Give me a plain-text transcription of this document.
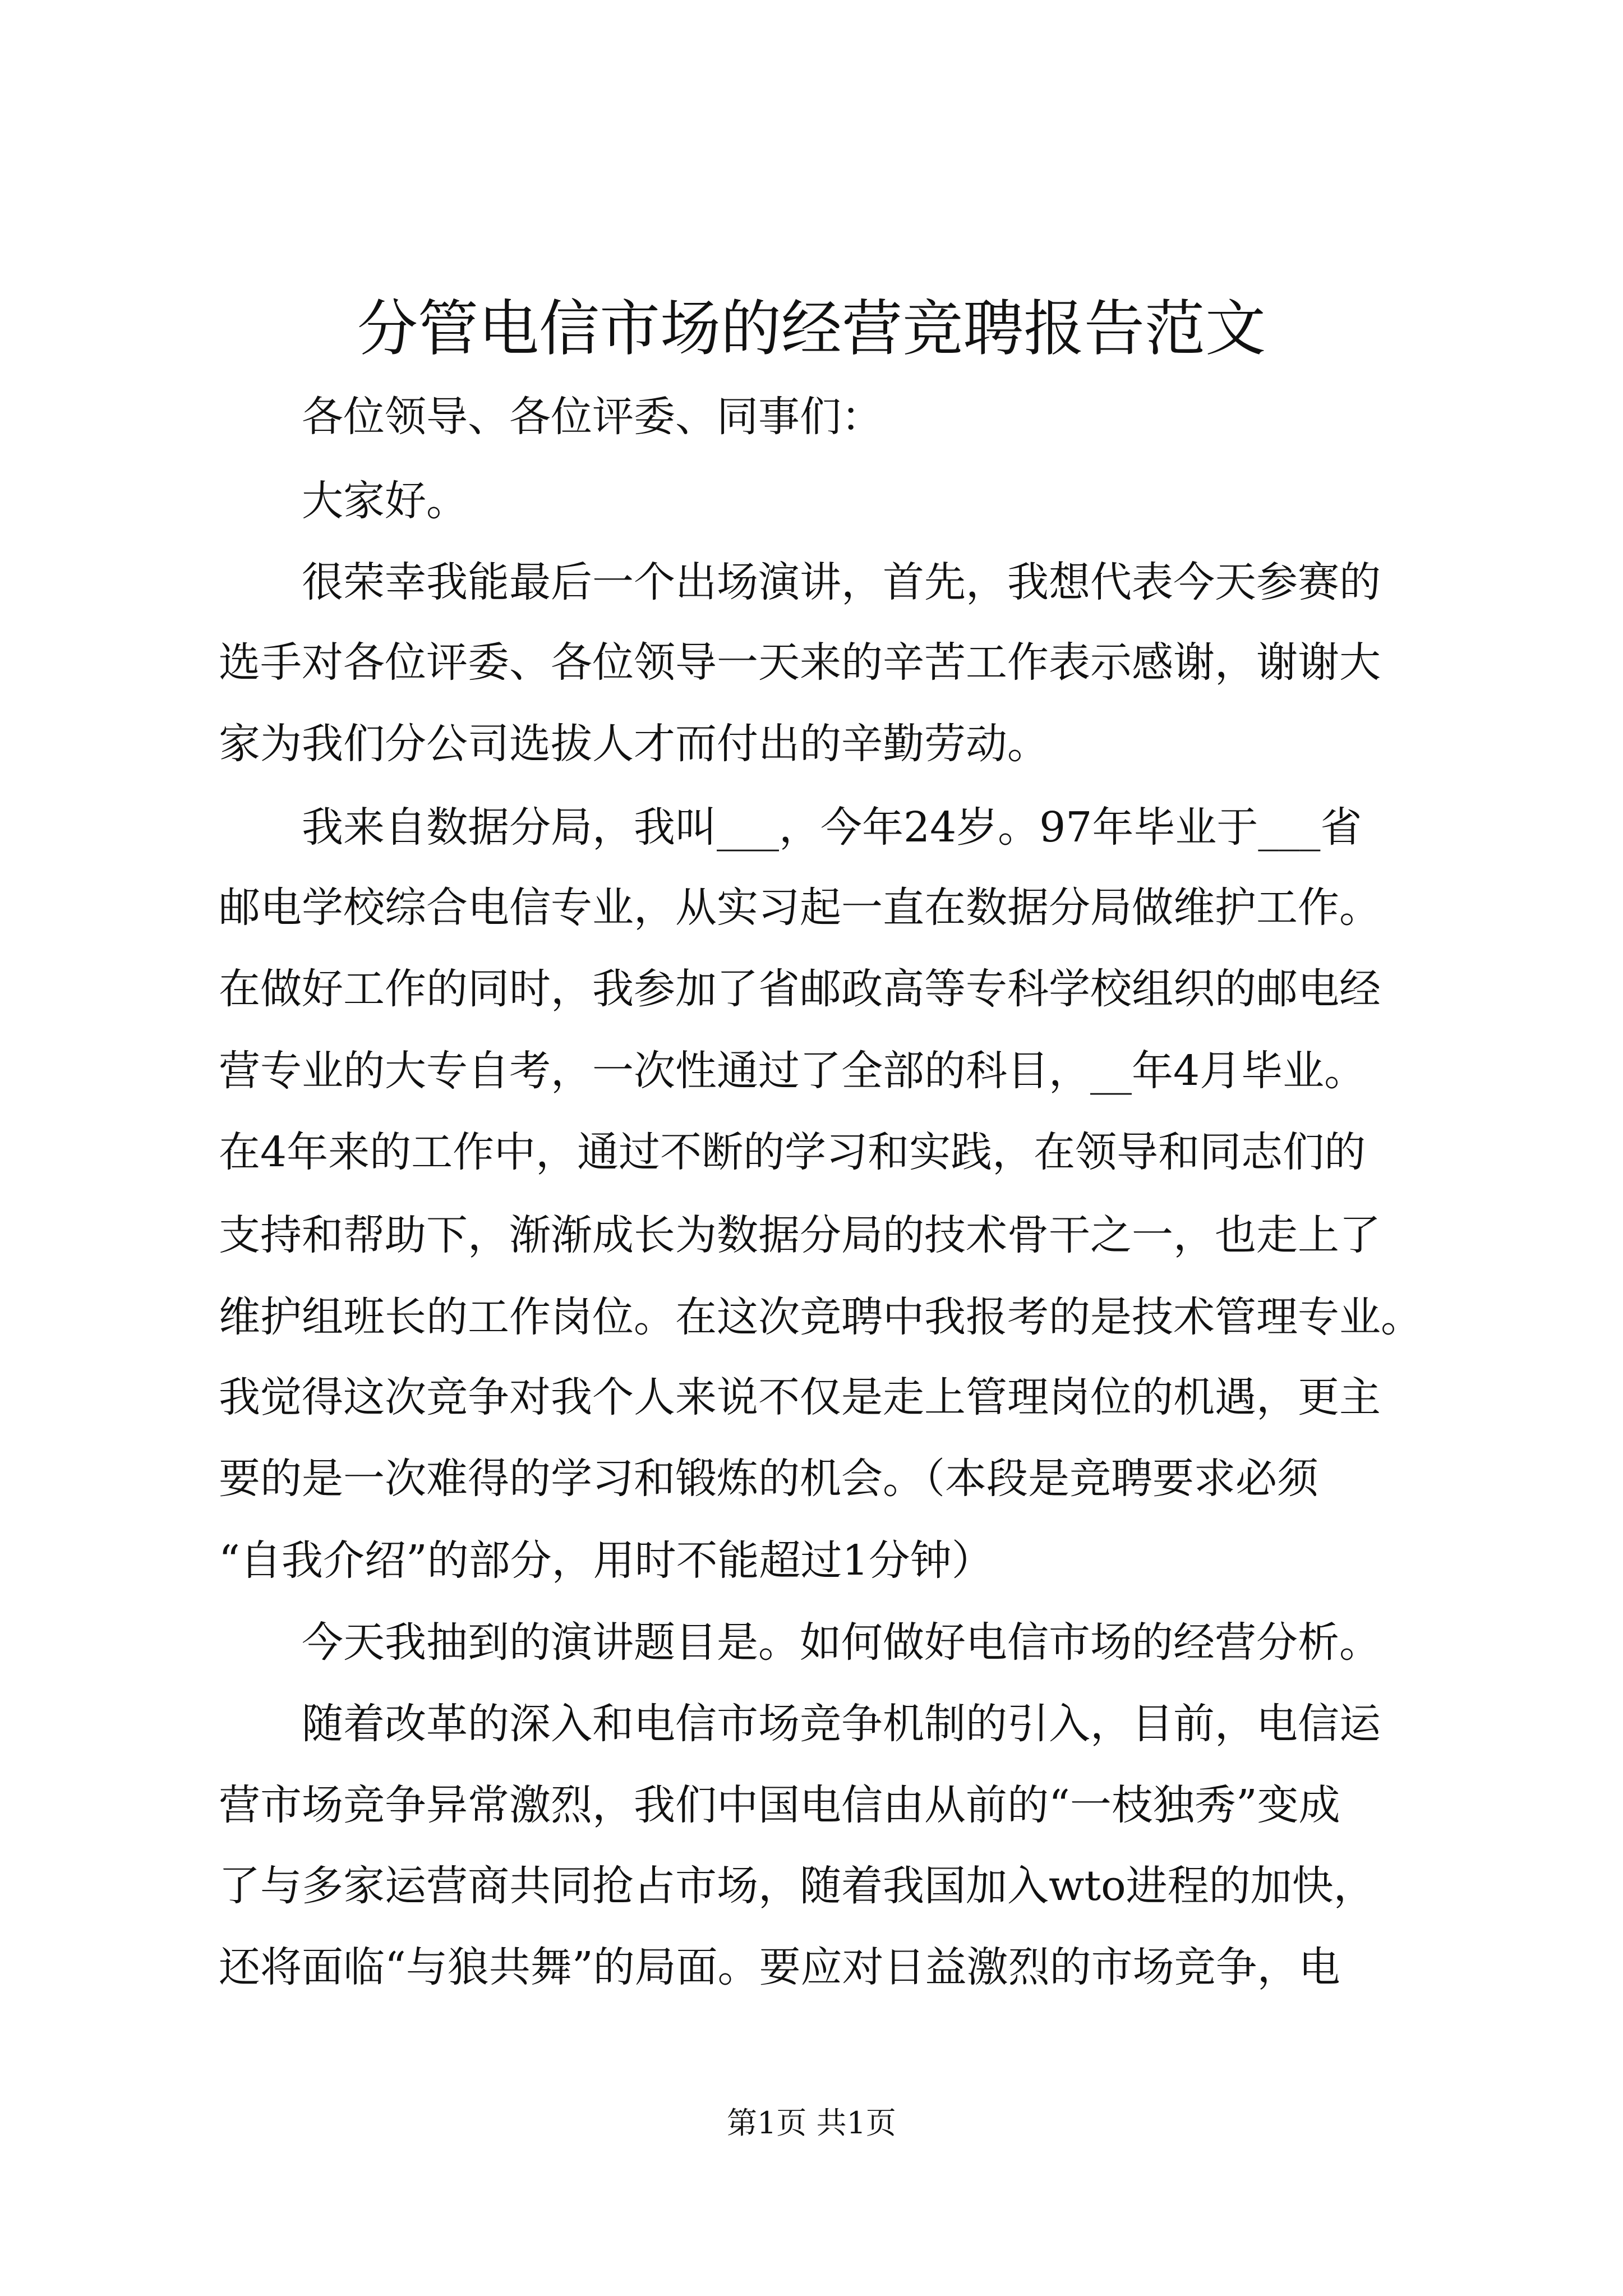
分管电信市场的经营竞聘报告范文

各位领导、各位评委、同事们：

大家好。

很荣幸我能最后一个出场演讲，首先，我想代表今天参赛的

选手对各位评委、各位领导一天来的辛苦工作表示感谢，谢谢大

家为我们分公司选拔人才而付出的辛勤劳动。

我来自数据分局，我叫___，今年24岁。97年毕业于___省

邮电学校综合电信专业，从实习起一直在数据分局做维护工作。

在做好工作的同时，我参加了省邮政高等专科学校组织的邮电经

营专业的大专自考，一次性通过了全部的科目，__年4月毕业。

在4年来的工作中，通过不断的学习和实践，在领导和同志们的

支持和帮助下，渐渐成长为数据分局的技术骨干之一，也走上了

维护组班长的工作岗位。在这次竞聘中我报考的是技术管理专业。

我觉得这次竞争对我个人来说不仅是走上管理岗位的机遇，更主

要的是一次难得的学习和锻炼的机会。（本段是竞聘要求必须

“自我介绍”的部分，用时不能超过1分钟）

今天我抽到的演讲题目是。如何做好电信市场的经营分析。

随着改革的深入和电信市场竞争机制的引入，目前，电信运

营市场竞争异常激烈，我们中国电信由从前的“一枝独秀”变成

了与多家运营商共同抢占市场，随着我国加入wto进程的加快，

还将面临“与狼共舞”的局面。要应对日益激烈的市场竞争，电

第1页 共1页
